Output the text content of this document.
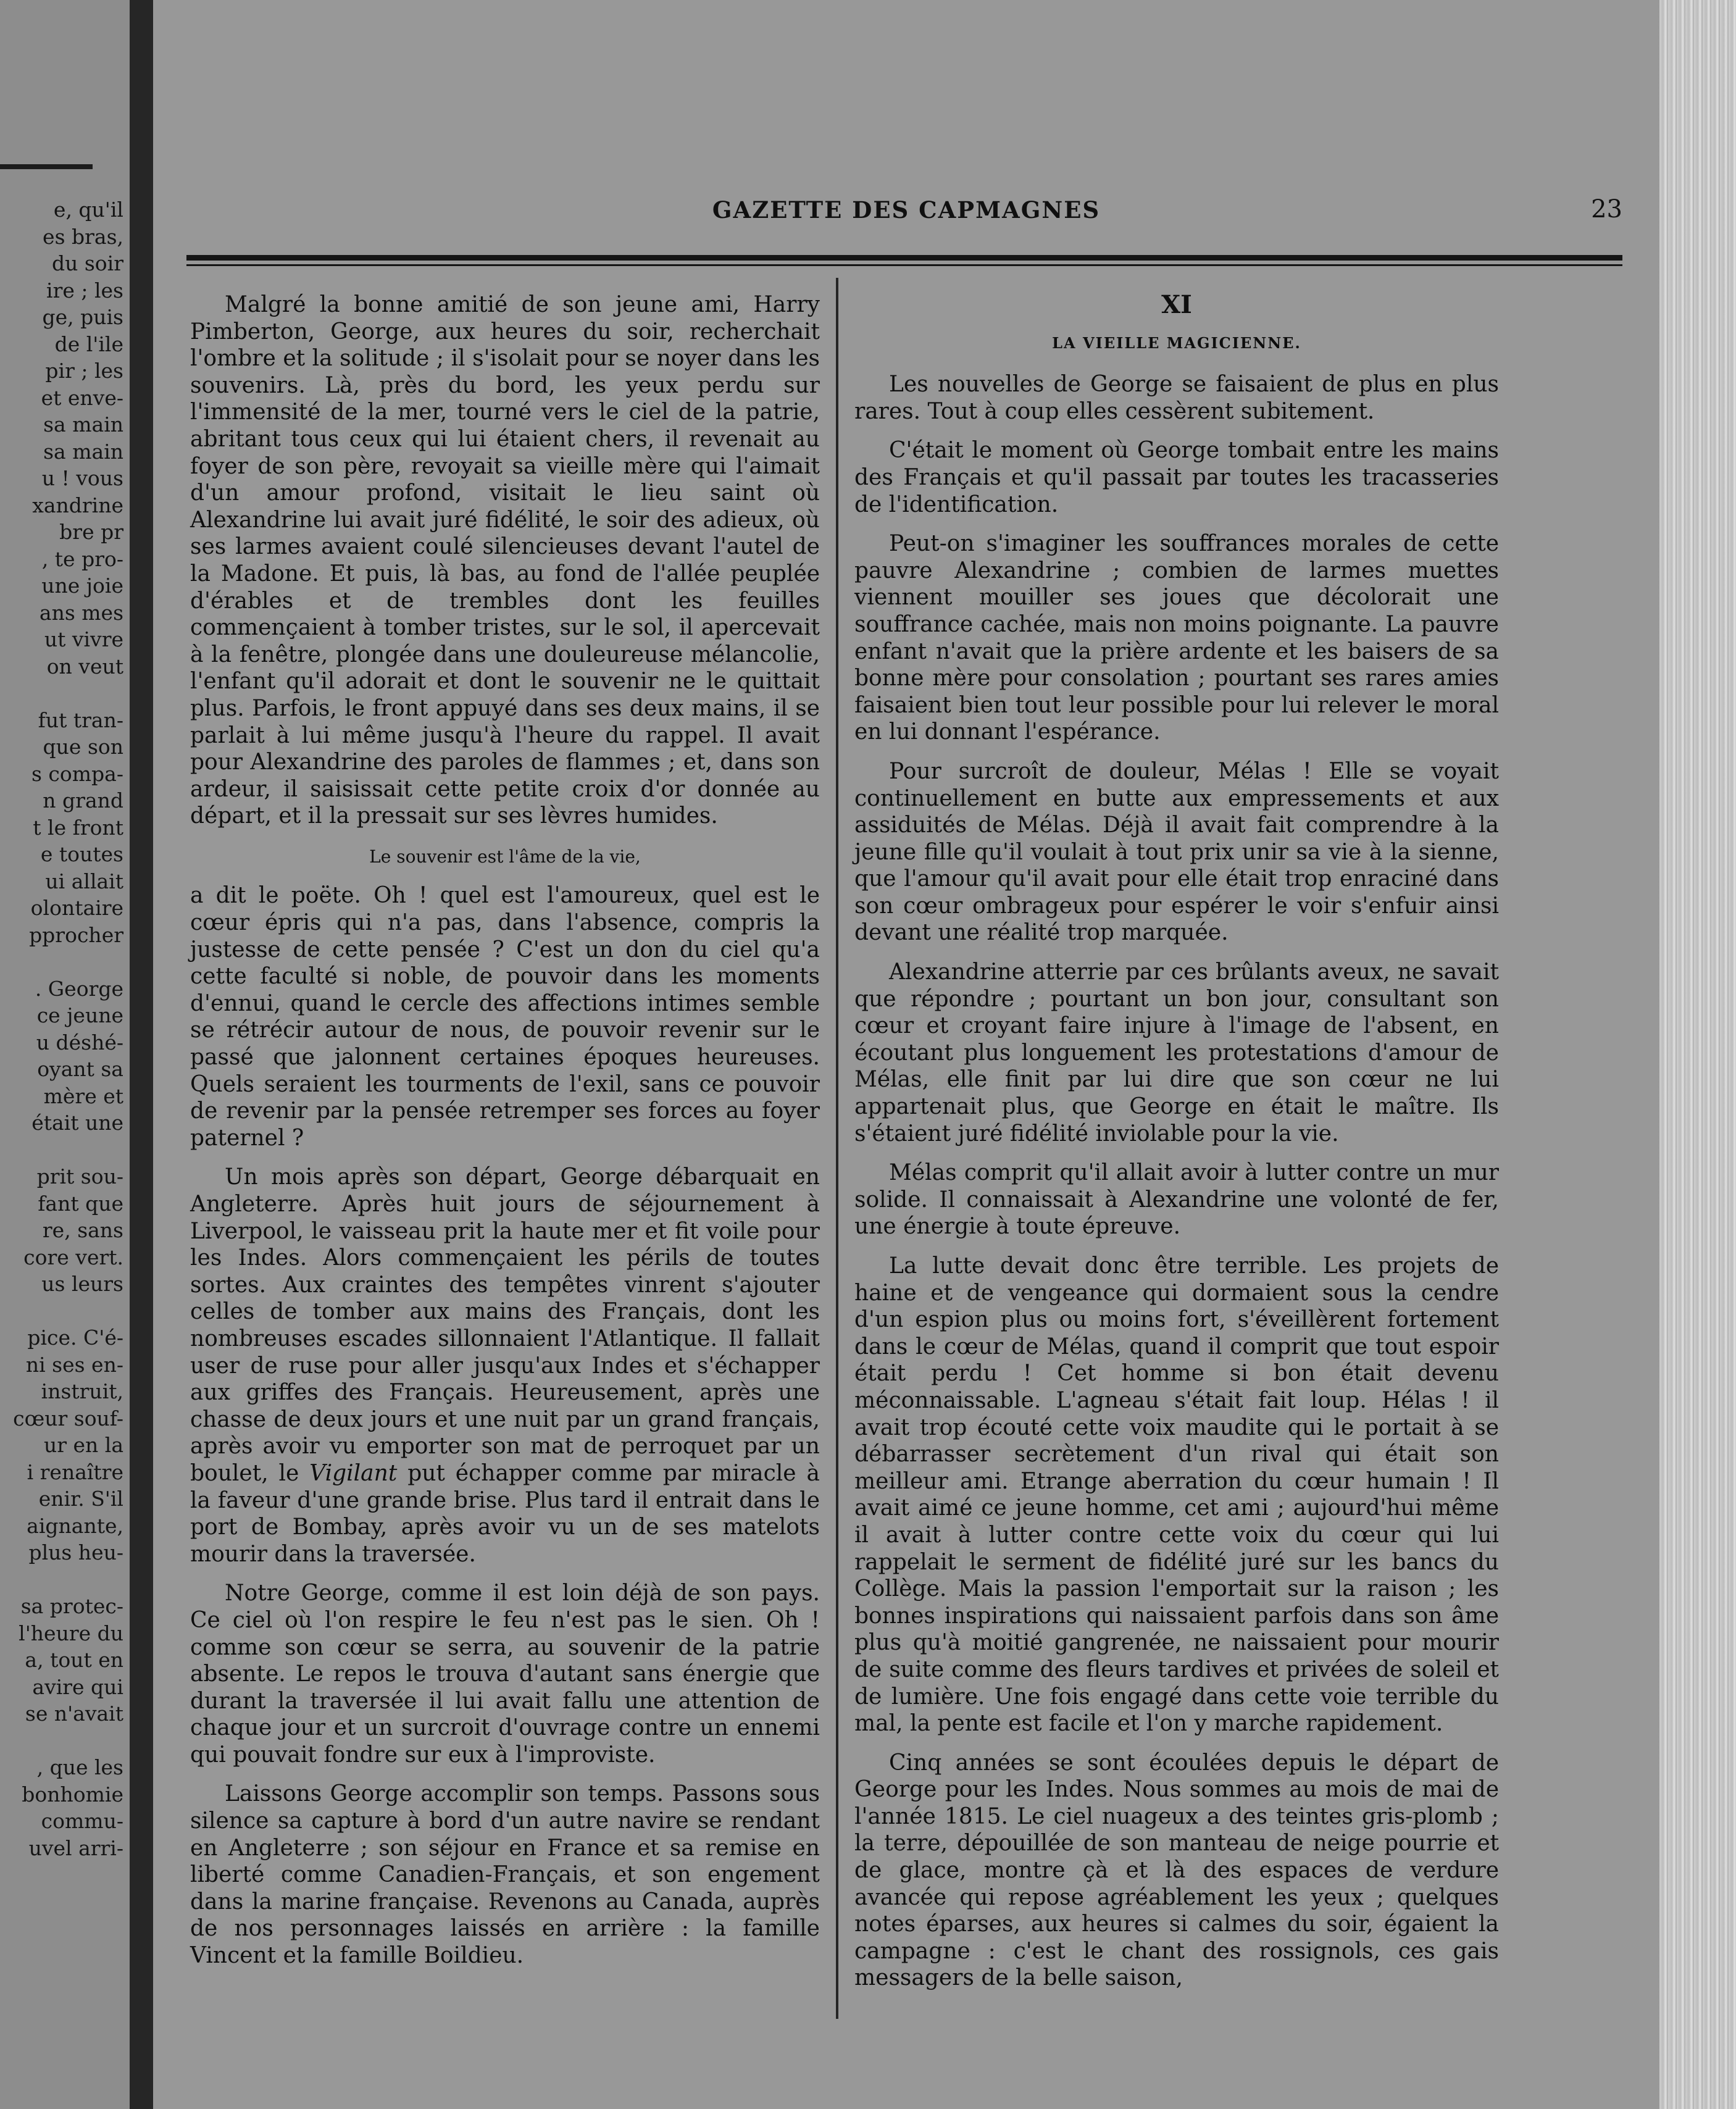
e, qu'il
es bras,
du soir
ire ; les
ge, puis
de l'ile
pir ; les
et enve-
sa main
sa main
u ! vous
xandrine
bre pr
, te pro-
une joie
ans mes
ut vivre
on veut

fut tran-
que son
s compa-
n grand
t le front
e toutes
ui allait
olontaire
pprocher

. George
ce jeune
u déshé-
oyant sa
mère et
était une

prit sou-
fant que
re, sans
core vert.
us leurs

pice. C'é-
ni ses en-
instruit,
cœur souf-
ur en la
i renaître
enir. S'il
aignante,
plus heu-

sa protec-
l'heure du
a, tout en
avire qui
se n'avait

, que les
bonhomie
commu-
uvel arri-
GAZETTE DES CAPMAGNES	23

Malgré la bonne amitié de son jeune ami, Harry Pimberton, George, aux heures du soir, recherchait l'ombre et la solitude ; il s'isolait pour se noyer dans les souvenirs. Là, près du bord, les yeux perdu sur l'immensité de la mer, tourné vers le ciel de la patrie, abritant tous ceux qui lui étaient chers, il revenait au foyer de son père, revoyait sa vieille mère qui l'aimait d'un amour profond, visitait le lieu saint où Alexandrine lui avait juré fidélité, le soir des adieux, où ses larmes avaient coulé silencieuses devant l'autel de la Madone. Et puis, là bas, au fond de l'allée peuplée d'érables et de trembles dont les feuilles commençaient à tomber tristes, sur le sol, il apercevait à la fenêtre, plongée dans une douleureuse mélancolie, l'enfant qu'il adorait et dont le souvenir ne le quittait plus. Parfois, le front appuyé dans ses deux mains, il se parlait à lui même jusqu'à l'heure du rappel. Il avait pour Alexandrine des paroles de flammes ; et, dans son ardeur, il saisissait cette petite croix d'or donnée au départ, et il la pressait sur ses lèvres humides.

Le souvenir est l'âme de la vie,

a dit le poëte. Oh ! quel est l'amoureux, quel est le cœur épris qui n'a pas, dans l'absence, compris la justesse de cette pensée ? C'est un don du ciel qu'a cette faculté si noble, de pouvoir dans les moments d'ennui, quand le cercle des affections intimes semble se rétrécir autour de nous, de pouvoir revenir sur le passé que jalonnent certaines époques heureuses. Quels seraient les tourments de l'exil, sans ce pouvoir de revenir par la pensée retremper ses forces au foyer paternel ?

Un mois après son départ, George débarquait en Angleterre. Après huit jours de séjournement à Liverpool, le vaisseau prit la haute mer et fit voile pour les Indes. Alors commençaient les périls de toutes sortes. Aux craintes des tempêtes vinrent s'ajouter celles de tomber aux mains des Français, dont les nombreuses escades sillonnaient l'Atlantique. Il fallait user de ruse pour aller jusqu'aux Indes et s'échapper aux griffes des Français. Heureusement, après une chasse de deux jours et une nuit par un grand français, après avoir vu emporter son mat de perroquet par un boulet, le Vigilant put échapper comme par miracle à la faveur d'une grande brise. Plus tard il entrait dans le port de Bombay, après avoir vu un de ses matelots mourir dans la traversée.

Notre George, comme il est loin déjà de son pays. Ce ciel où l'on respire le feu n'est pas le sien. Oh ! comme son cœur se serra, au souvenir de la patrie absente. Le repos le trouva d'autant sans énergie que durant la traversée il lui avait fallu une attention de chaque jour et un surcroit d'ouvrage contre un ennemi qui pouvait fondre sur eux à l'improviste.

Laissons George accomplir son temps. Passons sous silence sa capture à bord d'un autre navire se rendant en Angleterre ; son séjour en France et sa remise en liberté comme Canadien-Français, et son engement dans la marine française. Revenons au Canada, auprès de nos personnages laissés en arrière : la famille Vincent et la famille Boildieu.

XI
LA VIEILLE MAGICIENNE.

Les nouvelles de George se faisaient de plus en plus rares. Tout à coup elles cessèrent subitement.

C'était le moment où George tombait entre les mains des Français et qu'il passait par toutes les tracasseries de l'identification.

Peut-on s'imaginer les souffrances morales de cette pauvre Alexandrine ; combien de larmes muettes viennent mouiller ses joues que décolorait une souffrance cachée, mais non moins poignante. La pauvre enfant n'avait que la prière ardente et les baisers de sa bonne mère pour consolation ; pourtant ses rares amies faisaient bien tout leur possible pour lui relever le moral en lui donnant l'espérance.

Pour surcroît de douleur, Mélas ! Elle se voyait continuellement en butte aux empressements et aux assiduités de Mélas. Déjà il avait fait comprendre à la jeune fille qu'il voulait à tout prix unir sa vie à la sienne, que l'amour qu'il avait pour elle était trop enraciné dans son cœur ombrageux pour espérer le voir s'enfuir ainsi devant une réalité trop marquée.

Alexandrine atterrie par ces brûlants aveux, ne savait que répondre ; pourtant un bon jour, consultant son cœur et croyant faire injure à l'image de l'absent, en écoutant plus longuement les protestations d'amour de Mélas, elle finit par lui dire que son cœur ne lui appartenait plus, que George en était le maître. Ils s'étaient juré fidélité inviolable pour la vie.

Mélas comprit qu'il allait avoir à lutter contre un mur solide. Il connaissait à Alexandrine une volonté de fer, une énergie à toute épreuve.

La lutte devait donc être terrible. Les projets de haine et de vengeance qui dormaient sous la cendre d'un espion plus ou moins fort, s'éveillèrent fortement dans le cœur de Mélas, quand il comprit que tout espoir était perdu ! Cet homme si bon était devenu méconnaissable. L'agneau s'était fait loup. Hélas ! il avait trop écouté cette voix maudite qui le portait à se débarrasser secrètement d'un rival qui était son meilleur ami. Etrange aberration du cœur humain ! Il avait aimé ce jeune homme, cet ami ; aujourd'hui même il avait à lutter contre cette voix du cœur qui lui rappelait le serment de fidélité juré sur les bancs du Collège. Mais la passion l'emportait sur la raison ; les bonnes inspirations qui naissaient parfois dans son âme plus qu'à moitié gangrenée, ne naissaient pour mourir de suite comme des fleurs tardives et privées de soleil et de lumière. Une fois engagé dans cette voie terrible du mal, la pente est facile et l'on y marche rapidement.

Cinq années se sont écoulées depuis le départ de George pour les Indes. Nous sommes au mois de mai de l'année 1815. Le ciel nuageux a des teintes gris-plomb ; la terre, dépouillée de son manteau de neige pourrie et de glace, montre çà et là des espaces de verdure avancée qui repose agréablement les yeux ; quelques notes éparses, aux heures si calmes du soir, égaient la campagne : c'est le chant des rossignols, ces gais messagers de la belle saison,
